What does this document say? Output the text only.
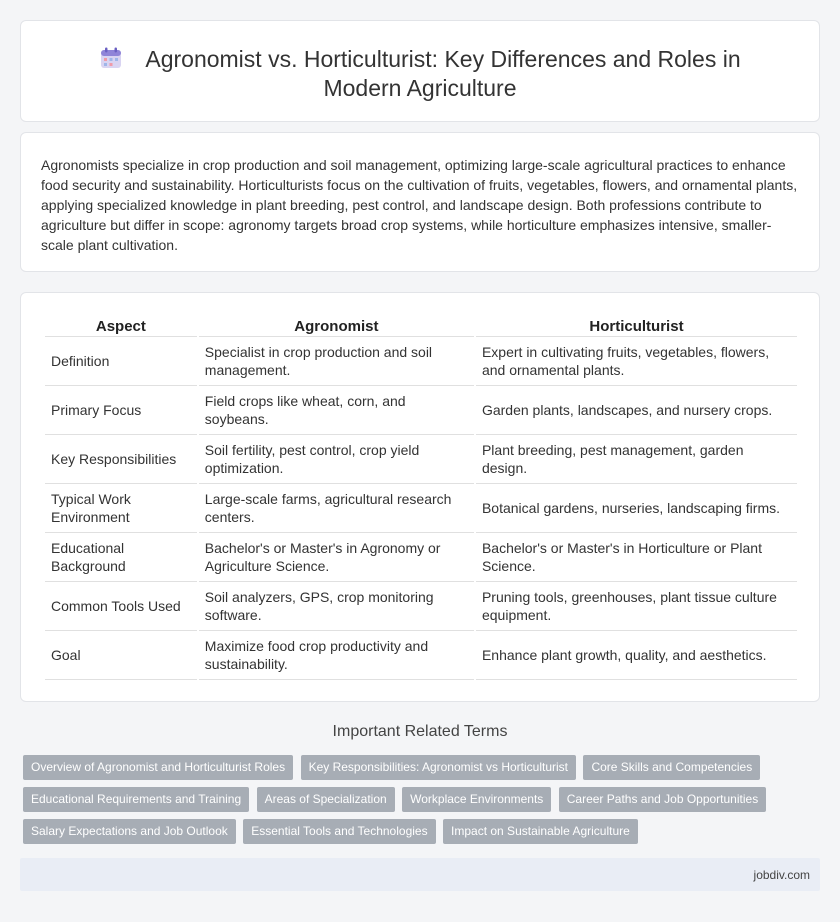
Agronomist vs. Horticulturist: Key Differences and Roles in
Modern Agriculture

Agronomists specialize in crop production and soil management, optimizing large-scale agricultural practices to enhance food security and sustainability. Horticulturists focus on the cultivation of fruits, vegetables, flowers, and ornamental plants, applying specialized knowledge in plant breeding, pest control, and landscape design. Both professions contribute to agriculture but differ in scope: agronomy targets broad crop systems, while horticulture emphasizes intensive, smaller-scale plant cultivation.

Aspect	Agronomist	Horticulturist
Definition	Specialist in crop production and soil management.	Expert in cultivating fruits, vegetables, flowers, and ornamental plants.
Primary Focus	Field crops like wheat, corn, and soybeans.	Garden plants, landscapes, and nursery crops.
Key Responsibilities	Soil fertility, pest control, crop yield optimization.	Plant breeding, pest management, garden design.
Typical Work Environment	Large-scale farms, agricultural research centers.	Botanical gardens, nurseries, landscaping firms.
Educational Background	Bachelor's or Master's in Agronomy or Agriculture Science.	Bachelor's or Master's in Horticulture or Plant Science.
Common Tools Used	Soil analyzers, GPS, crop monitoring software.	Pruning tools, greenhouses, plant tissue culture equipment.
Goal	Maximize food crop productivity and sustainability.	Enhance plant growth, quality, and aesthetics.
Important Related Terms
Overview of Agronomist and Horticulturist Roles Key Responsibilities: Agronomist vs Horticulturist Core Skills and Competencies
Educational Requirements and Training Areas of Specialization Workplace Environments Career Paths and Job Opportunities
Salary Expectations and Job Outlook Essential Tools and Technologies Impact on Sustainable Agriculture
jobdiv.com
